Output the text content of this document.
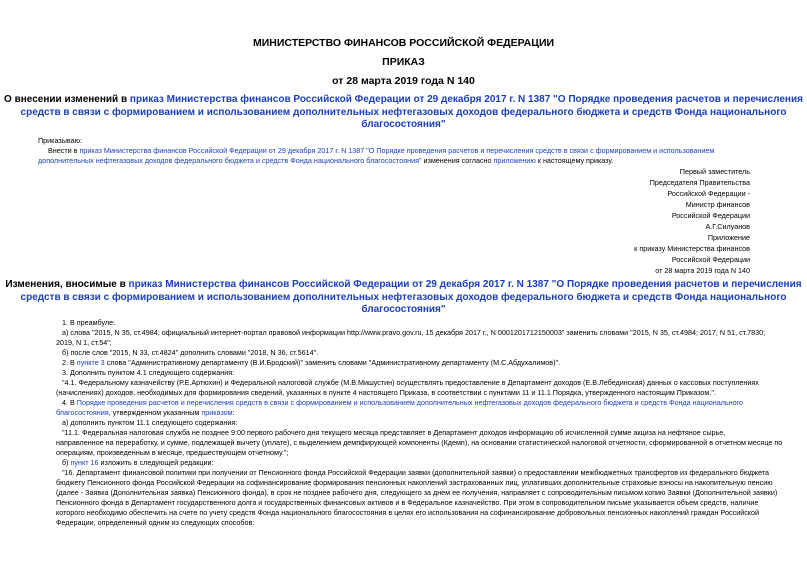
МИНИСТЕРСТВО ФИНАНСОВ РОССИЙСКОЙ ФЕДЕРАЦИИ
ПРИКАЗ
от 28 марта 2019 года N 140
О внесении изменений в приказ Министерства финансов Российской Федерации от 29 декабря 2017 г. N 1387 "О Порядке проведения расчетов и перечисления
средств в связи с формированием и использованием дополнительных нефтегазовых доходов федерального бюджета и средств Фонда национального
благосостояния"
Приказываю:
Внести в приказ Министерства финансов Российской Федерации от 29 декабря 2017 г. N 1387 "О Порядке проведения расчетов и перечисления средств в связи с формированием и использованием
дополнительных нефтегазовых доходов федерального бюджета и средств Фонда национального благосостояния" изменения согласно приложению к настоящему приказу.
Первый заместитель
Председателя Правительства
Российской Федерации -
Министр финансов
Российской Федерации
А.Г.Силуанов
Приложение
к приказу Министерства финансов
Российской Федерации
от 28 марта 2019 года N 140
Изменения, вносимые в приказ Министерства финансов Российской Федерации от 29 декабря 2017 г. N 1387 "О Порядке проведения расчетов и перечисления
средств в связи с формированием и использованием дополнительных нефтегазовых доходов федерального бюджета и средств Фонда национального
благосостояния"
1. В преамбуле:
а) слова "2015, N 35, ст.4984; официальный интернет-портал правовой информации http://www.pravo.gov.ru, 15 декабря 2017 г., N 0001201712150003" заменить словами "2015, N 35, ст.4984; 2017, N 51, ст.7830;
2019, N 1, ст.54";
б) после слов "2015, N 33, ст.4824" дополнить словами "2018, N 36, ст.5614".
2. В пункте 3 слова "Административному департаменту (В.И.Бродский)" заменить словами "Административному департаменту (М.С.Абдухалимов)".
3. Дополнить пунктом 4.1 следующего содержания:
"4.1. Федеральному казначейству (Р.Е.Артюхин) и Федеральной налоговой службе (М.В.Мишустин) осуществлять предоставление в Департамент доходов (Е.В.Лебединская) данных о кассовых поступлениях
(начислениях) доходов, необходимых для формирования сведений, указанных в пункте 4 настоящего Приказа, в соответствии с пунктами 11 и 11.1 Порядка, утвержденного настоящим Приказом.".
4. В Порядке проведения расчетов и перечисления средств в связи с формированием и использованием дополнительных нефтегазовых доходов федерального бюджета и средств Фонда национального
благосостояния, утвержденном указанным приказом:
а) дополнить пунктом 11.1 следующего содержания:
"11.1. Федеральная налоговая служба не позднее 9:00 первого рабочего дня текущего месяца представляет в Департамент доходов информацию об исчисленной сумме акциза на нефтяное сырье,
направленное на переработку, и сумме, подлежащей вычету (уплате), с выделением демпфирующей компоненты (Кдемп), на основании статистической налоговой отчетности, сформированной в отчетном месяце по
операциям, произведенным в месяце, предшествующем отчетному.";
б) пункт 16 изложить в следующей редакции:
"16. Департамент финансовой политики при получении от Пенсионного фонда Российской Федерации заявки (дополнительной заявки) о предоставлении межбюджетных трансфертов из федерального бюджета
бюджету Пенсионного фонда Российской Федерации на софинансирование формирования пенсионных накоплений застрахованных лиц, уплативших дополнительные страховые взносы на накопительную пенсию
(далее - Заявка (Дополнительная заявка) Пенсионного фонда), в срок не позднее рабочего дня, следующего за днем ее получения, направляет с сопроводительным письмом копию Заявки (Дополнительной заявки)
Пенсионного фонда в Департамент государственного долга и государственных финансовых активов и в Федеральное казначейство. При этом в сопроводительном письме указывается объем средств, наличие
которого необходимо обеспечить на счете по учету средств Фонда национального благосостояния в целях его использования на софинансирование добровольных пенсионных накоплений граждан Российской
Федерации, определенный одним из следующих способов:
